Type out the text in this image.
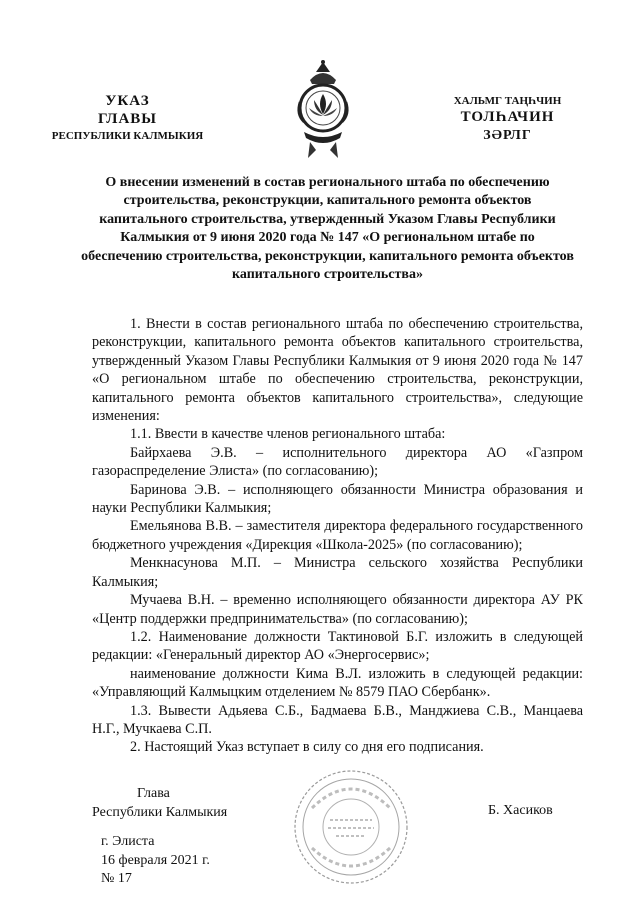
УКАЗ
ГЛАВЫ
РЕСПУБЛИКИ КАЛМЫКИЯ
ХАЛЬМГ ТАҢҺЧИН
ТОЛҺАЧИН
ЗӘРЛГ
О внесении изменений в состав регионального штаба по обеспечению строительства, реконструкции, капитального ремонта объектов капитального строительства, утвержденный Указом Главы Республики Калмыкия от 9 июня 2020 года № 147 «О региональном штабе по обеспечению строительства, реконструкции, капитального ремонта объектов капитального строительства»

1. Внести в состав регионального штаба по обеспечению строительства, реконструкции, капитального ремонта объектов капитального строительства, утвержденный Указом Главы Республики Калмыкия от 9 июня 2020 года № 147 «О региональном штабе по обеспечению строительства, реконструкции, капитального ремонта объектов капитального строительства», следующие изменения:

1.1. Ввести в качестве членов регионального штаба:

Байрхаева Э.В. – исполнительного директора АО «Газпром газораспределение Элиста» (по согласованию);

Баринова Э.В. – исполняющего обязанности Министра образования и науки Республики Калмыкия;

Емельянова В.В. – заместителя директора федерального государственного бюджетного учреждения «Дирекция «Школа-2025» (по согласованию);

Менкнасунова М.П. – Министра сельского хозяйства Республики Калмыкия;

Мучаева В.Н. – временно исполняющего обязанности директора АУ РК «Центр поддержки предпринимательства» (по согласованию);

1.2. Наименование должности Тактиновой Б.Г. изложить в следующей редакции: «Генеральный директор АО «Энергосервис»;

наименование должности Кима В.Л. изложить в следующей редакции: «Управляющий Калмыцким отделением № 8579 ПАО Сбербанк».

1.3. Вывести Адьяева С.Б., Бадмаева Б.В., Манджиева С.В., Манцаева Н.Г., Мучкаева С.П.

2. Настоящий Указ вступает в силу со дня его подписания.

Глава
Республики Калмыкия	Б. Хасиков
г. Элиста
16 февраля 2021 г.
№ 17
